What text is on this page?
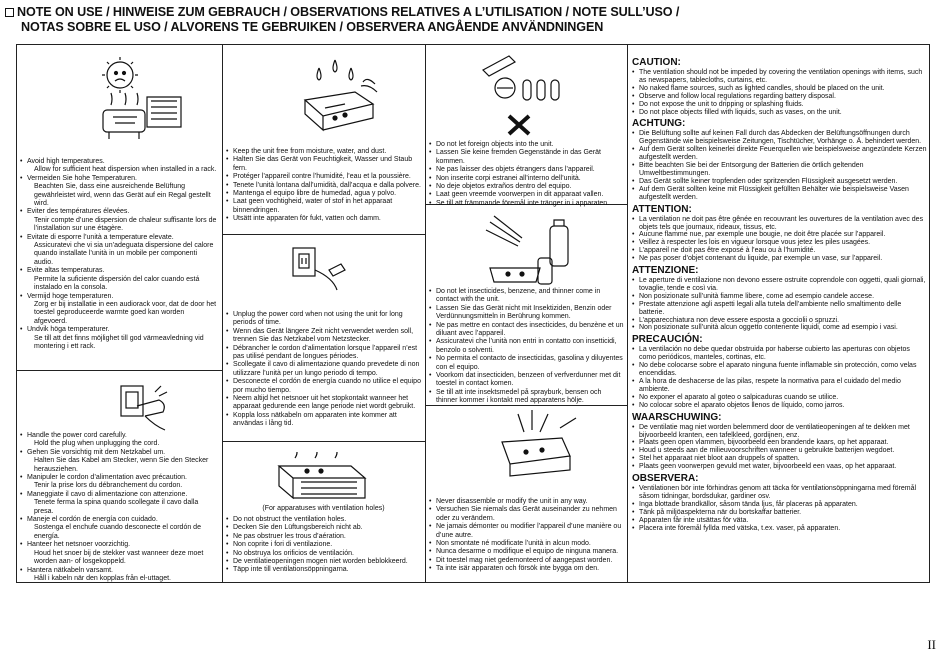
NOTE ON USE / HINWEISE ZUM GEBRAUCH / OBSERVATIONS RELATIVES A L’UTILISATION / NOTE SULL’USO /
NOTAS SOBRE EL USO / ALVORENS TE GEBRUIKEN / OBSERVERA ANGÅENDE ANVÄNDNINGEN
• Avoid high temperatures.
Allow for sufficient heat dispersion when installed in a rack.
• Vermeiden Sie hohe Temperaturen.
Beachten Sie, dass eine ausreichende Belüftung gewährleistet wird, wenn das Gerät auf ein Regal gestellt wird.
• Eviter des températures élevées.
Tenir compte d’une dispersion de chaleur suffisante lors de l’installation sur une étagère.
• Evitate di esporre l’unità a temperature elevate.
Assicuratevi che vi sia un’adeguata dispersione del calore quando installate l’unità in un mobile per componenti audio.
• Evite altas temperaturas.
Permite la suficiente dispersión del calor cuando está instalado en la consola.
• Vermijd hoge temperaturen.
Zorg er bij installatie in een audiorack voor, dat de door het toestel geproduceerde warmte goed kan worden afgevoerd.
• Undvik höga temperaturer.
Se till att det finns möjlighet till god värmeavledning vid montering i ett rack.
• Handle the power cord carefully.
Hold the plug when unplugging the cord.
• Gehen Sie vorsichtig mit dem Netzkabel um.
Halten Sie das Kabel am Stecker, wenn Sie den Stecker herausziehen.
• Manipuler le cordon d’alimentation avec précaution.
Tenir la prise lors du débranchement du cordon.
• Maneggiate il cavo di alimentazione con attenzione.
Tenete ferma la spina quando scollegate il cavo dalla presa.
• Maneje el cordón de energía con cuidado.
Sostenga el enchufe cuando desconecte el cordón de energía.
• Hanteer het netsnoer voorzichtig.
Houd het snoer bij de stekker vast wanneer deze moet worden aan- of losgekoppeld.
• Hantera nätkabeln varsamt.
Håll i kabeln när den kopplas från el-uttaget.
• Keep the unit free from moisture, water, and dust.
• Halten Sie das Gerät von Feuchtigkeit, Wasser und Staub fern.
• Protéger l’appareil contre l’humidité, l’eau et la poussière.
• Tenete l’unità lontana dall’umidità, dall’acqua e dalla polvere.
• Mantenga el equipo libre de humedad, agua y polvo.
• Laat geen vochtigheid, water of stof in het apparaat binnendringen.
• Utsätt inte apparaten för fukt, vatten och damm.
• Unplug the power cord when not using the unit for long periods of time.
• Wenn das Gerät längere Zeit nicht verwendet werden soll, trennen Sie das Netzkabel vom Netzstecker.
• Débrancher le cordon d’alimentation lorsque l’appareil n’est pas utilisé pendant de longues périodes.
• Scollegate il cavo di alimentazione quando prevedete di non utilizzare l’unità per un lungo periodo di tempo.
• Desconecte el cordón de energía cuando no utilice el equipo por mucho tiempo.
• Neem altijd het netsnoer uit het stopkontakt wanneer het apparaat gedurende een lange periode niet wordt gebruikt.
• Koppla loss nätkabeln om apparaten inte kommer att användas i lång tid.
(For apparatuses with ventilation holes)
• Do not obstruct the ventilation holes.
• Decken Sie den Lüftungsbereich nicht ab.
• Ne pas obstruer les trous d’aération.
• Non coprite i fori di ventilazione.
• No obstruya los orificios de ventilación.
• De ventilatieopeningen mogen niet worden beblokkeerd.
• Täpp inte till ventilationsöppningarna.
• Do not let foreign objects into the unit.
• Lassen Sie keine fremden Gegenstände in das Gerät kommen.
• Ne pas laisser des objets étrangers dans l’appareil.
• Non inserite corpi estranei all’interno dell’unità.
• No deje objetos extraños dentro del equipo.
• Laat geen vreemde voorwerpen in dit apparaat vallen.
• Se till att främmande föremål inte tränger in i apparaten.
• Do not let insecticides, benzene, and thinner come in contact with the unit.
• Lassen Sie das Gerät nicht mit Insektiziden, Benzin oder Verdünnungsmitteln in Berührung kommen.
• Ne pas mettre en contact des insecticides, du benzène et un diluant avec l’appareil.
• Assicuratevi che l’unità non entri in contatto con insetticidi, benzolo o solventi.
• No permita el contacto de insecticidas, gasolina y diluyentes con el equipo.
• Voorkom dat insecticiden, benzeen of verfverdunner met dit toestel in contact komen.
• Se till att inte insektsmedel på sprayburk, bensen och thinner kommer i kontakt med apparatens hölje.
• Never disassemble or modify the unit in any way.
• Versuchen Sie niemals das Gerät auseinander zu nehmen oder zu verändern.
• Ne jamais démonter ou modifier l’appareil d’une manière ou d’une autre.
• Non smontate né modificate l’unità in alcun modo.
• Nunca desarme o modifique el equipo de ninguna manera.
• Dit toestel mag niet gedemonteerd of aangepast worden.
• Ta inte isär apparaten och försök inte bygga om den.
CAUTION:
• The ventilation should not be impeded by covering the ventilation openings with items, such as newspapers, tablecloths, curtains, etc.
• No naked flame sources, such as lighted candles, should be placed on the unit.
• Observe and follow local regulations regarding battery disposal.
• Do not expose the unit to dripping or splashing fluids.
• Do not place objects filled with liquids, such as vases, on the unit.
ACHTUNG:
• Die Belüftung sollte auf keinen Fall durch das Abdecken der Belüftungsöffnungen durch Gegenstände wie beispielsweise Zeitungen, Tischtücher, Vorhänge o. Ä. behindert werden.
• Auf dem Gerät sollten keinerlei direkte Feuerquellen wie beispielsweise angezündete Kerzen aufgestellt werden.
• Bitte beachten Sie bei der Entsorgung der Batterien die örtlich geltenden Umweltbestimmungen.
• Das Gerät sollte keiner tropfenden oder spritzenden Flüssigkeit ausgesetzt werden.
• Auf dem Gerät sollten keine mit Flüssigkeit gefüllten Behälter wie beispielsweise Vasen aufgestellt werden.
ATTENTION:
• La ventilation ne doit pas être gênée en recouvrant les ouvertures de la ventilation avec des objets tels que journaux, rideaux, tissus, etc.
• Aucune flamme nue, par exemple une bougie, ne doit être placée sur l’appareil.
• Veillez à respecter les lois en vigueur lorsque vous jetez les piles usagées.
• L’appareil ne doit pas être exposé à l’eau ou à l’humidité.
• Ne pas poser d’objet contenant du liquide, par exemple un vase, sur l’appareil.
ATTENZIONE:
• Le aperture di ventilazione non devono essere ostruite coprendole con oggetti, quali giornali, tovaglie, tende e così via.
• Non posizionate sull’unità fiamme libere, come ad esempio candele accese.
• Prestate attenzione agli aspetti legali alla tutela dell’ambiente nello smaltimento delle batterie.
• L’apparecchiatura non deve essere esposta a gocciolii o spruzzi.
• Non posizionate sull’unità alcun oggetto contenente liquidi, come ad esempio i vasi.
PRECAUCIÓN:
• La ventilación no debe quedar obstruida por haberse cubierto las aperturas con objetos como periódicos, manteles, cortinas, etc.
• No debe colocarse sobre el aparato ninguna fuente inflamable sin protección, como velas encendidas.
• A la hora de deshacerse de las pilas, respete la normativa para el cuidado del medio ambiente.
• No exponer el aparato al goteo o salpicaduras cuando se utilice.
• No colocar sobre el aparato objetos llenos de líquido, como jarros.
WAARSCHUWING:
• De ventilatie mag niet worden belemmerd door de ventilatieopeningen af te dekken met bijvoorbeeld kranten, een tafelkleed, gordijnen, enz.
• Plaats geen open vlammen, bijvoorbeeld een brandende kaars, op het apparaat.
• Houd u steeds aan de milieuvoorschriften wanneer u gebruikte batterijen wegdoet.
• Stel het apparaat niet bloot aan druppels of spatten.
• Plaats geen voorwerpen gevuld met water, bijvoorbeeld een vaas, op het apparaat.
OBSERVERA:
• Ventilationen bör inte förhindras genom att täcka för ventilationsöppningarna med föremål såsom tidningar, bordsdukar, gardiner osv.
• Inga blottade brandkällor, såsom tända ljus, får placeras på apparaten.
• Tänk på miljöaspekterna när du bortskaffar batterier.
• Apparaten får inte utsättas för väta.
• Placera inte föremål fyllda med vätska, t.ex. vaser, på apparaten.
II
